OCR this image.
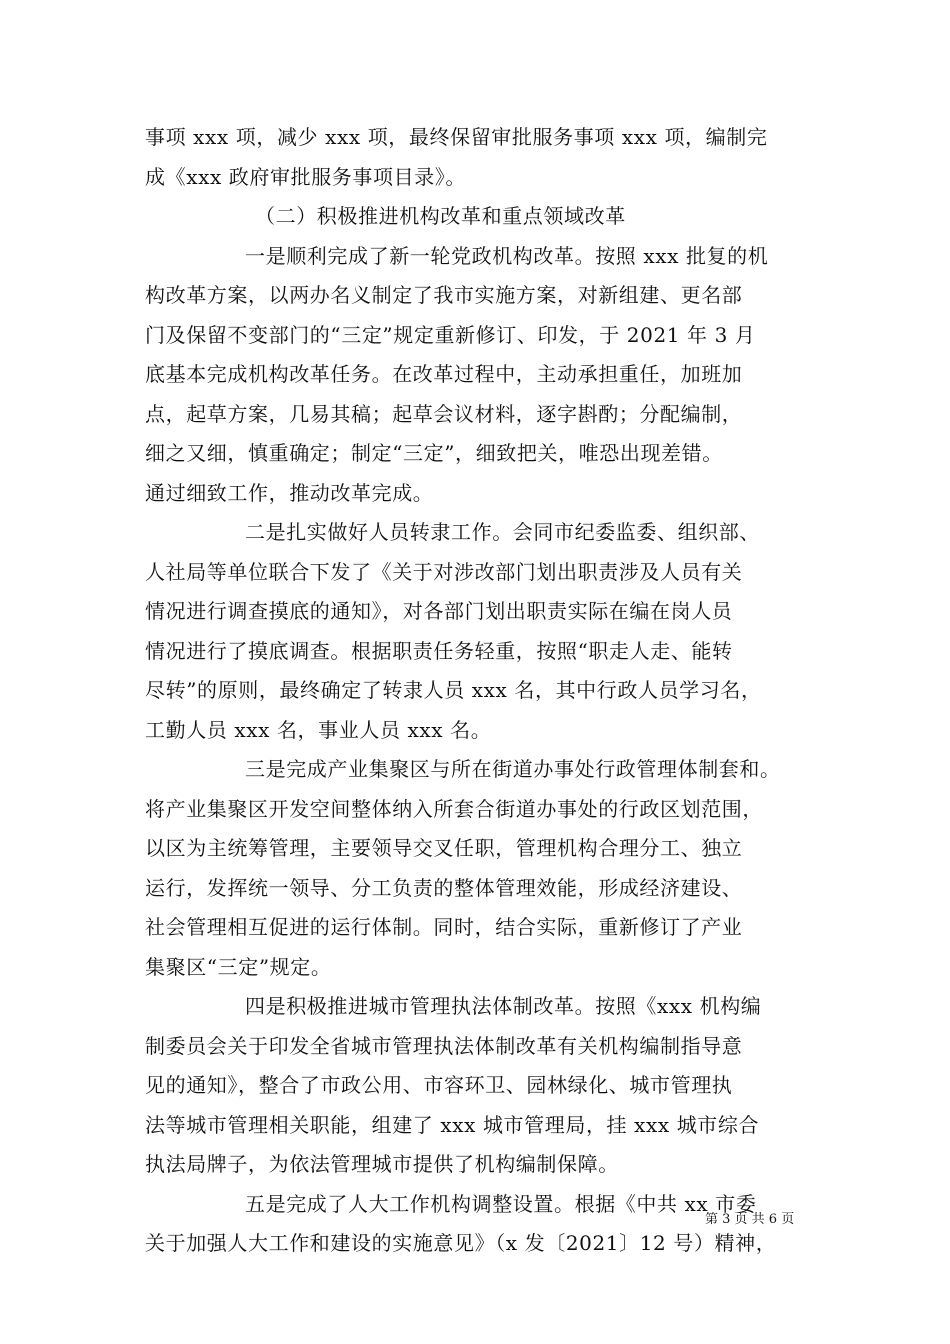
事项 xxx 项，减少 xxx 项，最终保留审批服务事项 xxx 项，编制完
成《xxx 政府审批服务事项目录》。
（二）积极推进机构改革和重点领域改革
一是顺利完成了新一轮党政机构改革。按照 xxx 批复的机
构改革方案，以两办名义制定了我市实施方案，对新组建、更名部
门及保留不变部门的“三定”规定重新修订、印发，于 2021 年 3 月
底基本完成机构改革任务。在改革过程中，主动承担重任，加班加
点，起草方案，几易其稿；起草会议材料，逐字斟酌；分配编制，
细之又细，慎重确定；制定“三定”，细致把关，唯恐出现差错。
通过细致工作，推动改革完成。
二是扎实做好人员转隶工作。会同市纪委监委、组织部、
人社局等单位联合下发了《关于对涉改部门划出职责涉及人员有关
情况进行调查摸底的通知》，对各部门划出职责实际在编在岗人员
情况进行了摸底调查。根据职责任务轻重，按照“职走人走、能转
尽转”的原则，最终确定了转隶人员 xxx 名，其中行政人员学习名，
工勤人员 xxx 名，事业人员 xxx 名。
三是完成产业集聚区与所在街道办事处行政管理体制套和。
将产业集聚区开发空间整体纳入所套合街道办事处的行政区划范围，
以区为主统筹管理，主要领导交叉任职，管理机构合理分工、独立
运行，发挥统一领导、分工负责的整体管理效能，形成经济建设、
社会管理相互促进的运行体制。同时，结合实际，重新修订了产业
集聚区“三定”规定。
四是积极推进城市管理执法体制改革。按照《xxx 机构编
制委员会关于印发全省城市管理执法体制改革有关机构编制指导意
见的通知》，整合了市政公用、市容环卫、园林绿化、城市管理执
法等城市管理相关职能，组建了 xxx 城市管理局，挂 xxx 城市综合
执法局牌子，为依法管理城市提供了机构编制保障。
五是完成了人大工作机构调整设置。根据《中共 xx 市委
关于加强人大工作和建设的实施意见》（x 发〔2021〕12 号）精神，
第 3 页 共 6 页
